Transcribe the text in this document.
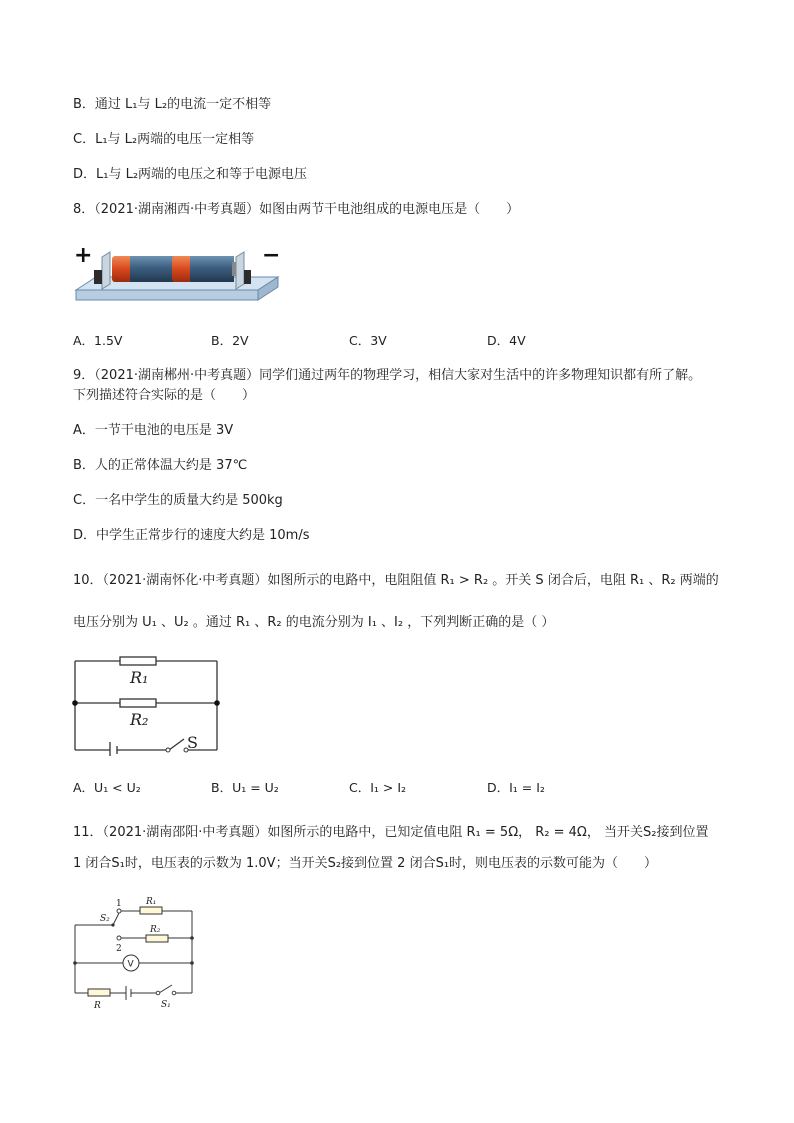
B．通过 L₁与 L₂的电流一定不相等
C．L₁与 L₂两端的电压一定相等
D．L₁与 L₂两端的电压之和等于电源电压
8．（2021·湖南湘西·中考真题）如图由两节干电池组成的电源电压是（　　）
+	−
A．1.5V	B．2V	C．3V	D．4V
9．（2021·湖南郴州·中考真题）同学们通过两年的物理学习，相信大家对生活中的许多物理知识都有所了解。
下列描述符合实际的是（　　）
A．一节干电池的电压是 3V
B．人的正常体温大约是 37℃
C．一名中学生的质量大约是 500kg
D．中学生正常步行的速度大约是 10m/s
10．（2021·湖南怀化·中考真题）如图所示的电路中，电阻阻值 R₁ > R₂ 。开关 S 闭合后，电阻 R₁ 、R₂ 两端的
电压分别为 U₁ 、U₂ 。通过 R₁ 、R₂ 的电流分别为 I₁ 、I₂ ，下列判断正确的是（ ）
R₁
R₂
S
A．U₁ < U₂	B．U₁ = U₂	C．I₁ > I₂	D．I₁ = I₂
11．（2021·湖南邵阳·中考真题）如图所示的电路中，已知定值电阻 R₁ = 5Ω， R₂ = 4Ω， 当开关S₂接到位置
1 闭合S₁时，电压表的示数为 1.0V；当开关S₂接到位置 2 闭合S₁时，则电压表的示数可能为（　　）
1
2
S₂
R₁
R₂
V
R	S₁
